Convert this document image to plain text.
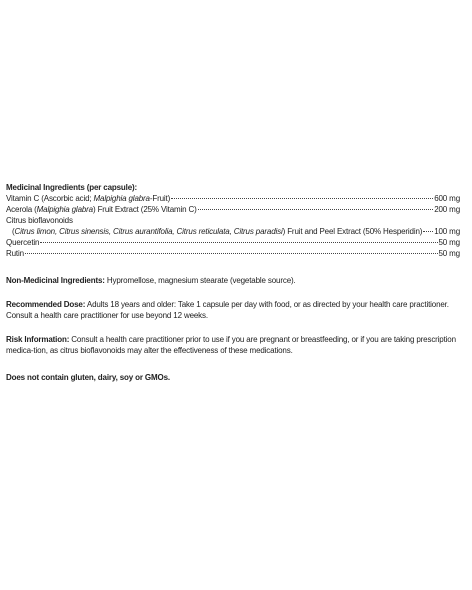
Medicinal Ingredients (per capsule):
Vitamin C (Ascorbic acid; Malpighia glabra-Fruit)	600 mg
Acerola (Malpighia glabra) Fruit Extract (25% Vitamin C)	200 mg
Citrus bioflavonoids
(Citrus limon, Citrus sinensis, Citrus aurantifolia, Citrus reticulata, Citrus paradisi) Fruit and Peel Extract (50% Hesperidin) 100 mg
Quercetin	50 mg
Rutin	50 mg
Non-Medicinal Ingredients: Hypromellose, magnesium stearate (vegetable source).
Recommended Dose: Adults 18 years and older: Take 1 capsule per day with food, or as directed by your health care practitioner. Consult a health care practitioner for use beyond 12 weeks.
Risk Information: Consult a health care practitioner prior to use if you are pregnant or breastfeeding, or if you are taking prescription medica-tion, as citrus bioflavonoids may alter the effectiveness of these medications.
Does not contain gluten, dairy, soy or GMOs.
